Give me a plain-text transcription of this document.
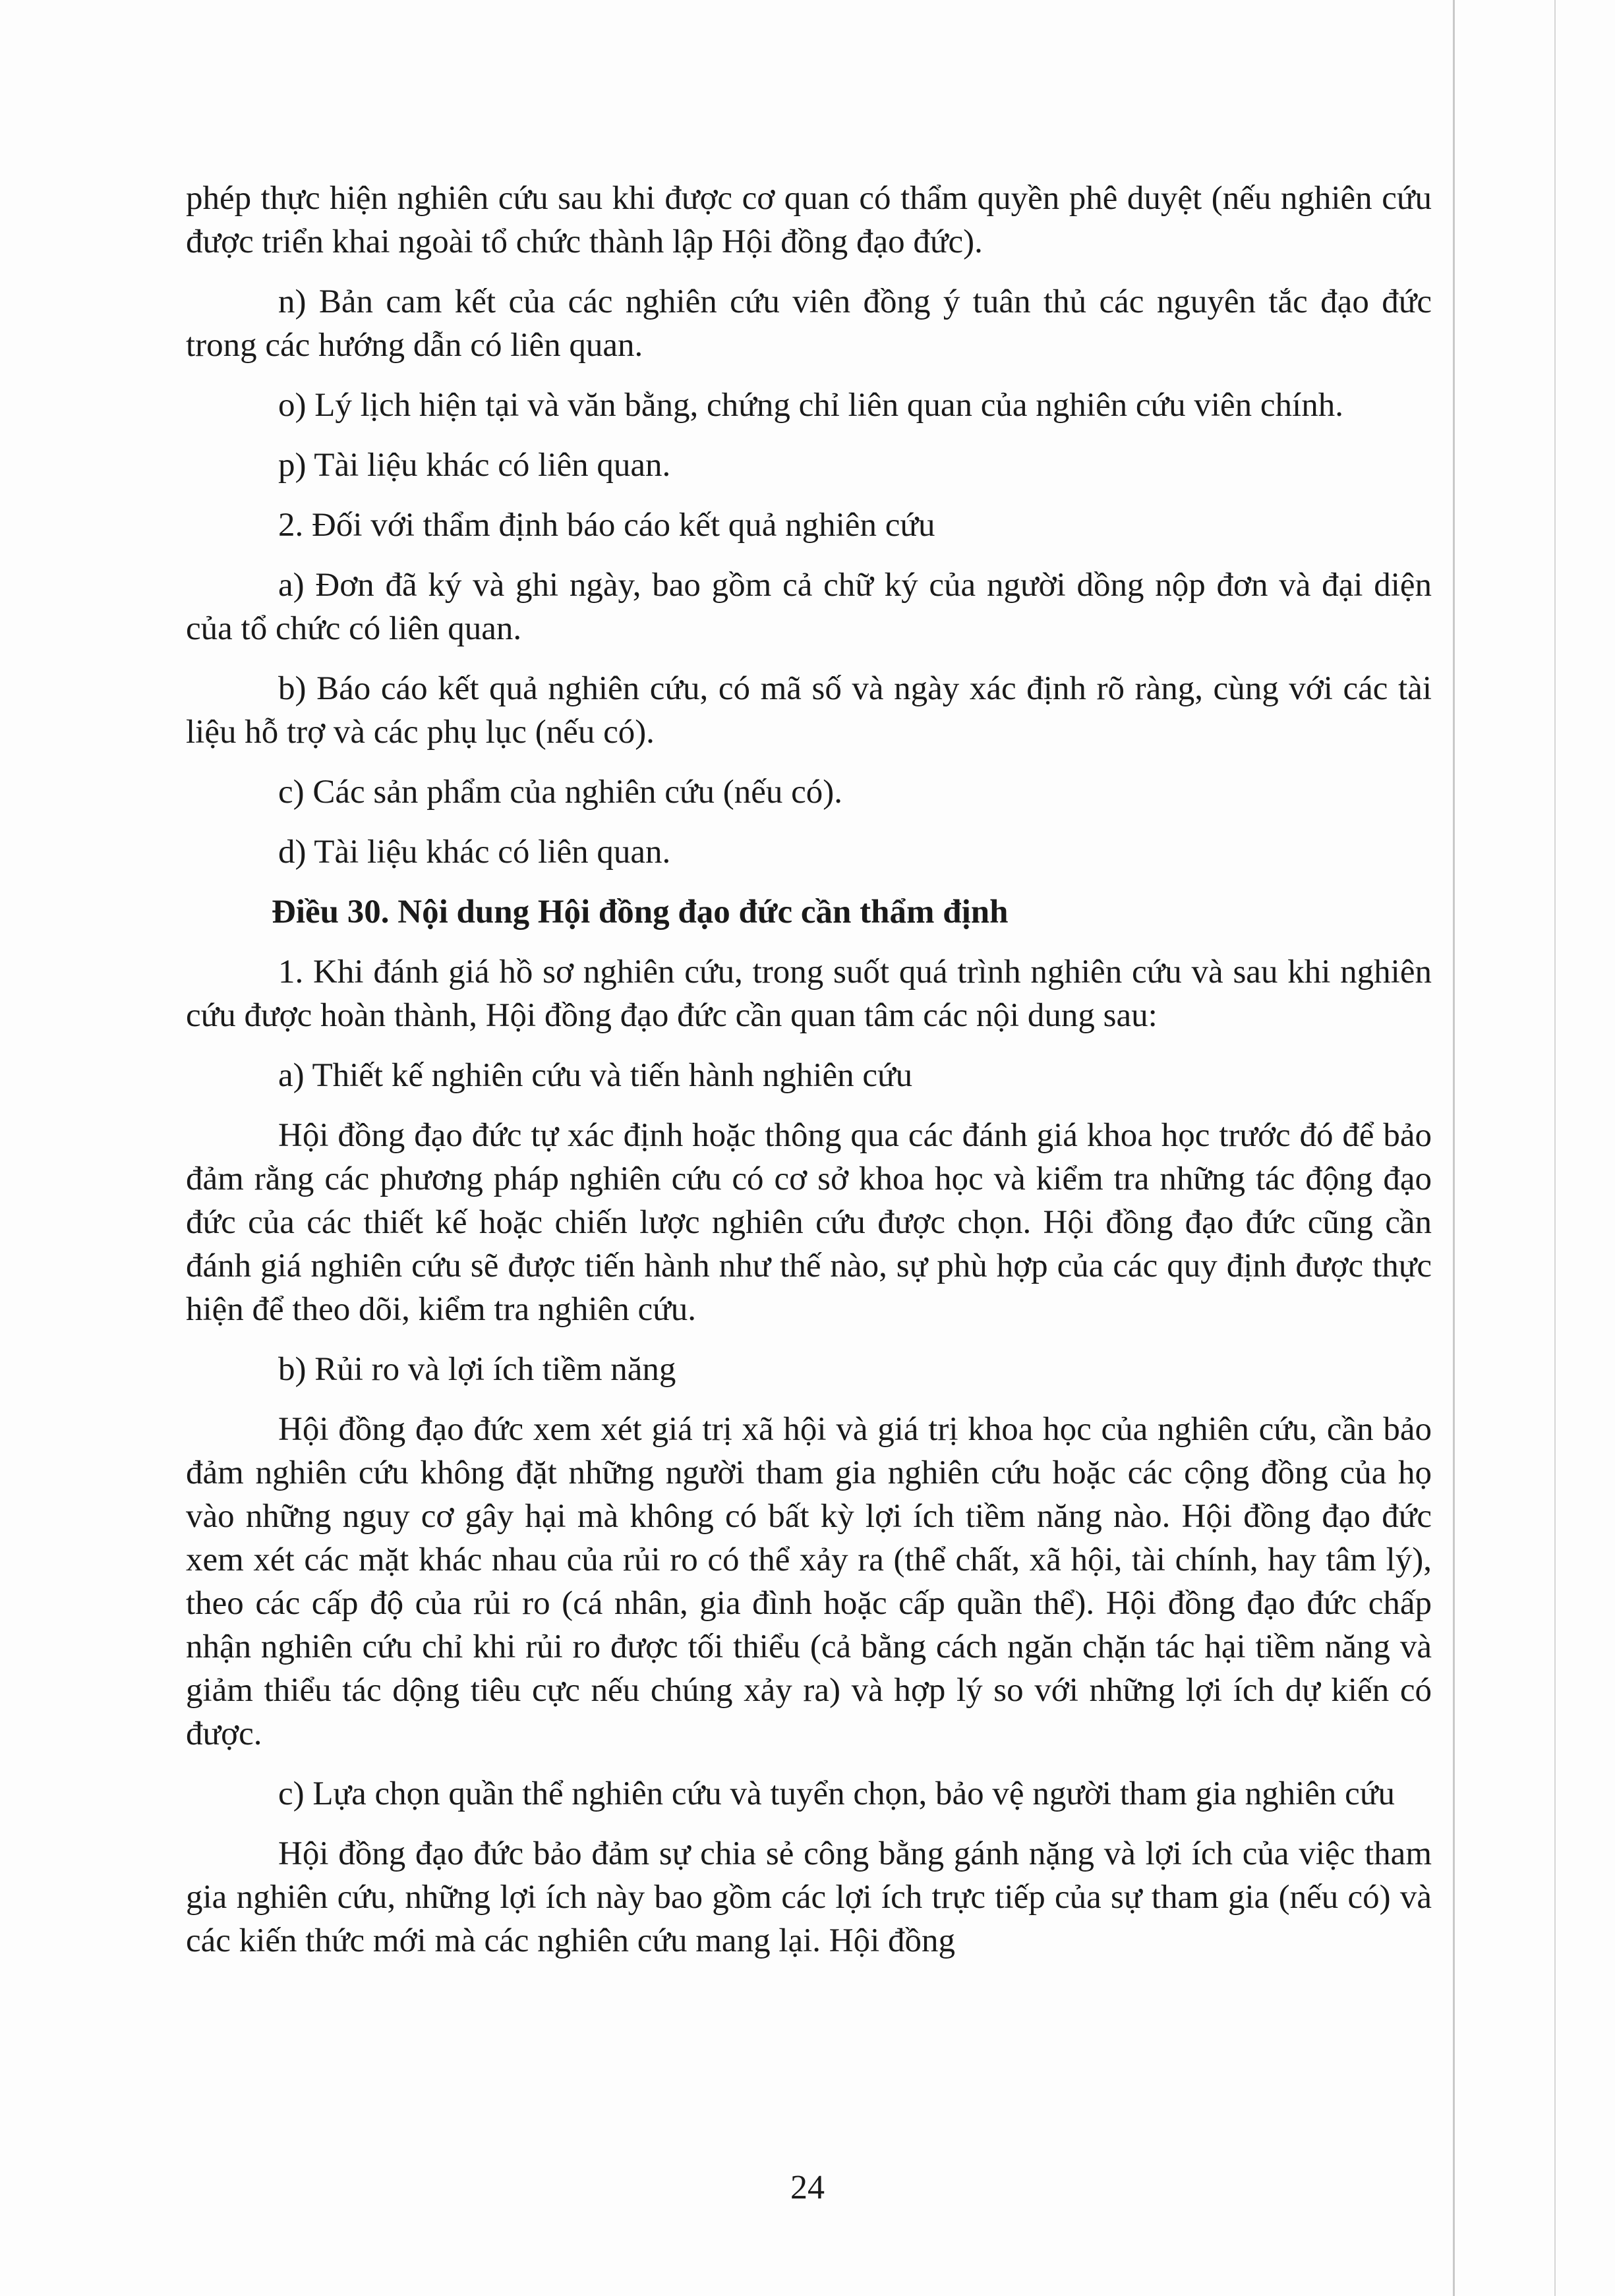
phép thực hiện nghiên cứu sau khi được cơ quan có thẩm quyền phê duyệt (nếu nghiên cứu được triển khai ngoài tổ chức thành lập Hội đồng đạo đức).

n) Bản cam kết của các nghiên cứu viên đồng ý tuân thủ các nguyên tắc đạo đức trong các hướng dẫn có liên quan.

o) Lý lịch hiện tại và văn bằng, chứng chỉ liên quan của nghiên cứu viên chính.

p) Tài liệu khác có liên quan.

2. Đối với thẩm định báo cáo kết quả nghiên cứu

a) Đơn đã ký và ghi ngày, bao gồm cả chữ ký của người dồng nộp đơn và đại diện của tổ chức có liên quan.

b) Báo cáo kết quả nghiên cứu, có mã số và ngày xác định rõ ràng, cùng với các tài liệu hỗ trợ và các phụ lục (nếu có).

c) Các sản phẩm của nghiên cứu (nếu có).

d) Tài liệu khác có liên quan.

Điều 30. Nội dung Hội đồng đạo đức cần thẩm định

1. Khi đánh giá hồ sơ nghiên cứu, trong suốt quá trình nghiên cứu và sau khi nghiên cứu được hoàn thành, Hội đồng đạo đức cần quan tâm các nội dung sau:

a) Thiết kế nghiên cứu và tiến hành nghiên cứu

Hội đồng đạo đức tự xác định hoặc thông qua các đánh giá khoa học trước đó để bảo đảm rằng các phương pháp nghiên cứu có cơ sở khoa học và kiểm tra những tác động đạo đức của các thiết kế hoặc chiến lược nghiên cứu được chọn. Hội đồng đạo đức cũng cần đánh giá nghiên cứu sẽ được tiến hành như thế nào, sự phù hợp của các quy định được thực hiện để theo dõi, kiểm tra nghiên cứu.

b) Rủi ro và lợi ích tiềm năng

Hội đồng đạo đức xem xét giá trị xã hội và giá trị khoa học của nghiên cứu, cần bảo đảm nghiên cứu không đặt những người tham gia nghiên cứu hoặc các cộng đồng của họ vào những nguy cơ gây hại mà không có bất kỳ lợi ích tiềm năng nào. Hội đồng đạo đức xem xét các mặt khác nhau của rủi ro có thể xảy ra (thể chất, xã hội, tài chính, hay tâm lý), theo các cấp độ của rủi ro (cá nhân, gia đình hoặc cấp quần thể). Hội đồng đạo đức chấp nhận nghiên cứu chỉ khi rủi ro được tối thiểu (cả bằng cách ngăn chặn tác hại tiềm năng và giảm thiểu tác dộng tiêu cực nếu chúng xảy ra) và hợp lý so với những lợi ích dự kiến có được.

c) Lựa chọn quần thể nghiên cứu và tuyển chọn, bảo vệ người tham gia nghiên cứu

Hội đồng đạo đức bảo đảm sự chia sẻ công bằng gánh nặng và lợi ích của việc tham gia nghiên cứu, những lợi ích này bao gồm các lợi ích trực tiếp của sự tham gia (nếu có) và các kiến thức mới mà các nghiên cứu mang lại. Hội đồng

24
